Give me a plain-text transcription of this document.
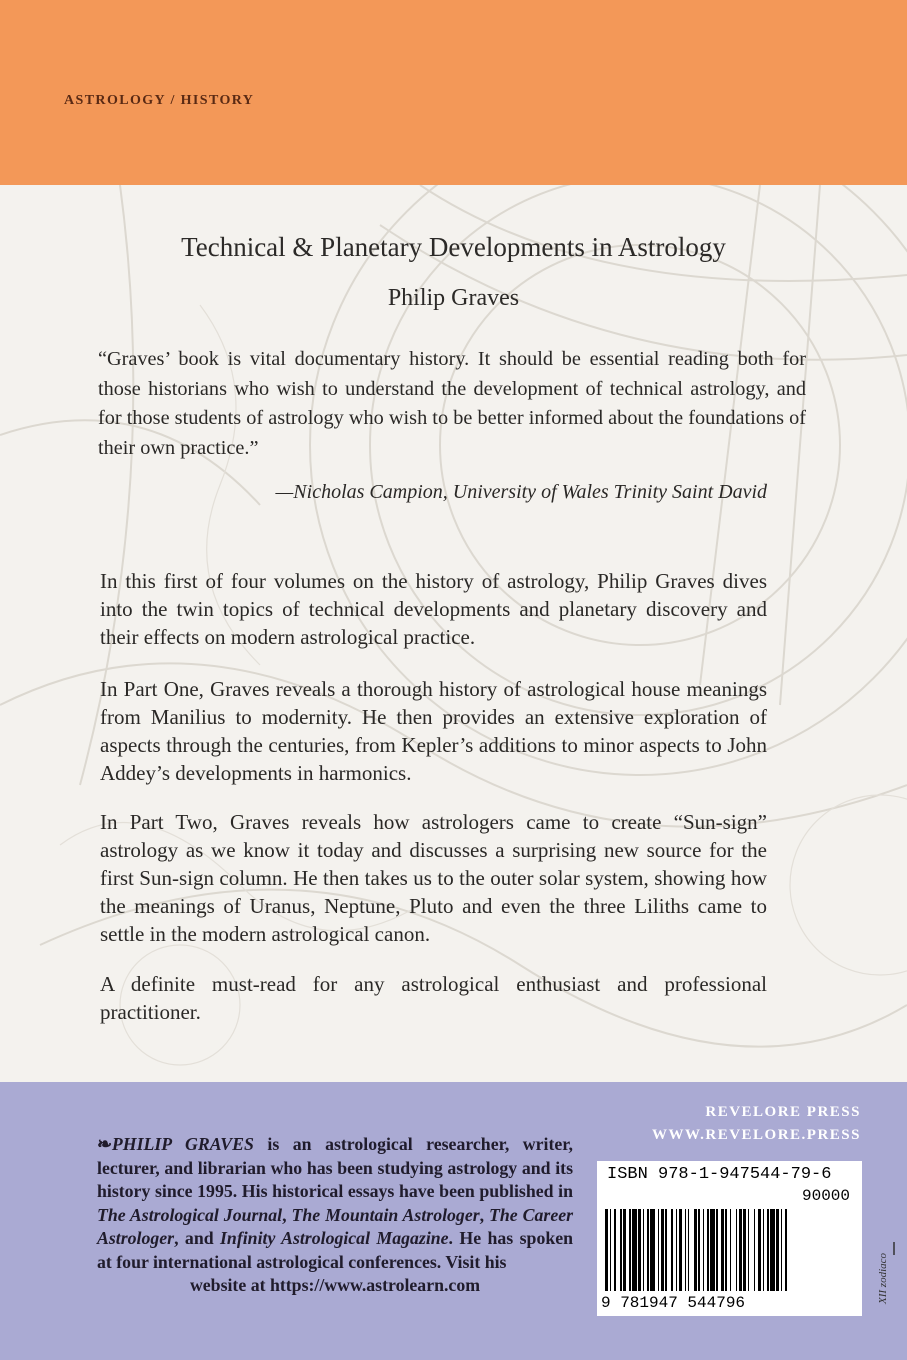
ASTROLOGY / HISTORY
Technical & Planetary Developments in Astrology
Philip Graves

“Graves’ book is vital documentary history. It should be essential reading both for those historians who wish to understand the development of technical astrology, and for those students of astrology who wish to be better informed about the foundations of their own practice.”

—Nicholas Campion, University of Wales Trinity Saint David

In this first of four volumes on the history of astrology, Philip Graves dives into the twin topics of technical developments and planetary discovery and their effects on modern astrological practice.

In Part One, Graves reveals a thorough history of astrological house meanings from Manilius to modernity. He then provides an extensive exploration of aspects through the centuries, from Kepler’s additions to minor aspects to John Addey’s developments in harmonics.

In Part Two, Graves reveals how astrologers came to create “Sun-sign” astrology as we know it today and discusses a surprising new source for the first Sun-sign column. He then takes us to the outer solar system, showing how the meanings of Uranus, Neptune, Pluto and even the three Liliths came to settle in the modern astrological canon.

A definite must-read for any astrological enthusiast and professional practitioner.

REVELORE PRESS
WWW.REVELORE.PRESS

❧PHILIP GRAVES is an astrological researcher, writer, lecturer, and librarian who has been studying astrology and its history since 1995. His historical essays have been published in The Astrological Journal, The Mountain Astrologer, The Career Astrologer, and Infinity Astrological Magazine. He has spoken at four international astrological conferences. Visit his
website at https://www.astrolearn.com

ISBN 978-1-947544-79-6
90000
9 781947 544796	XII zodiaco
